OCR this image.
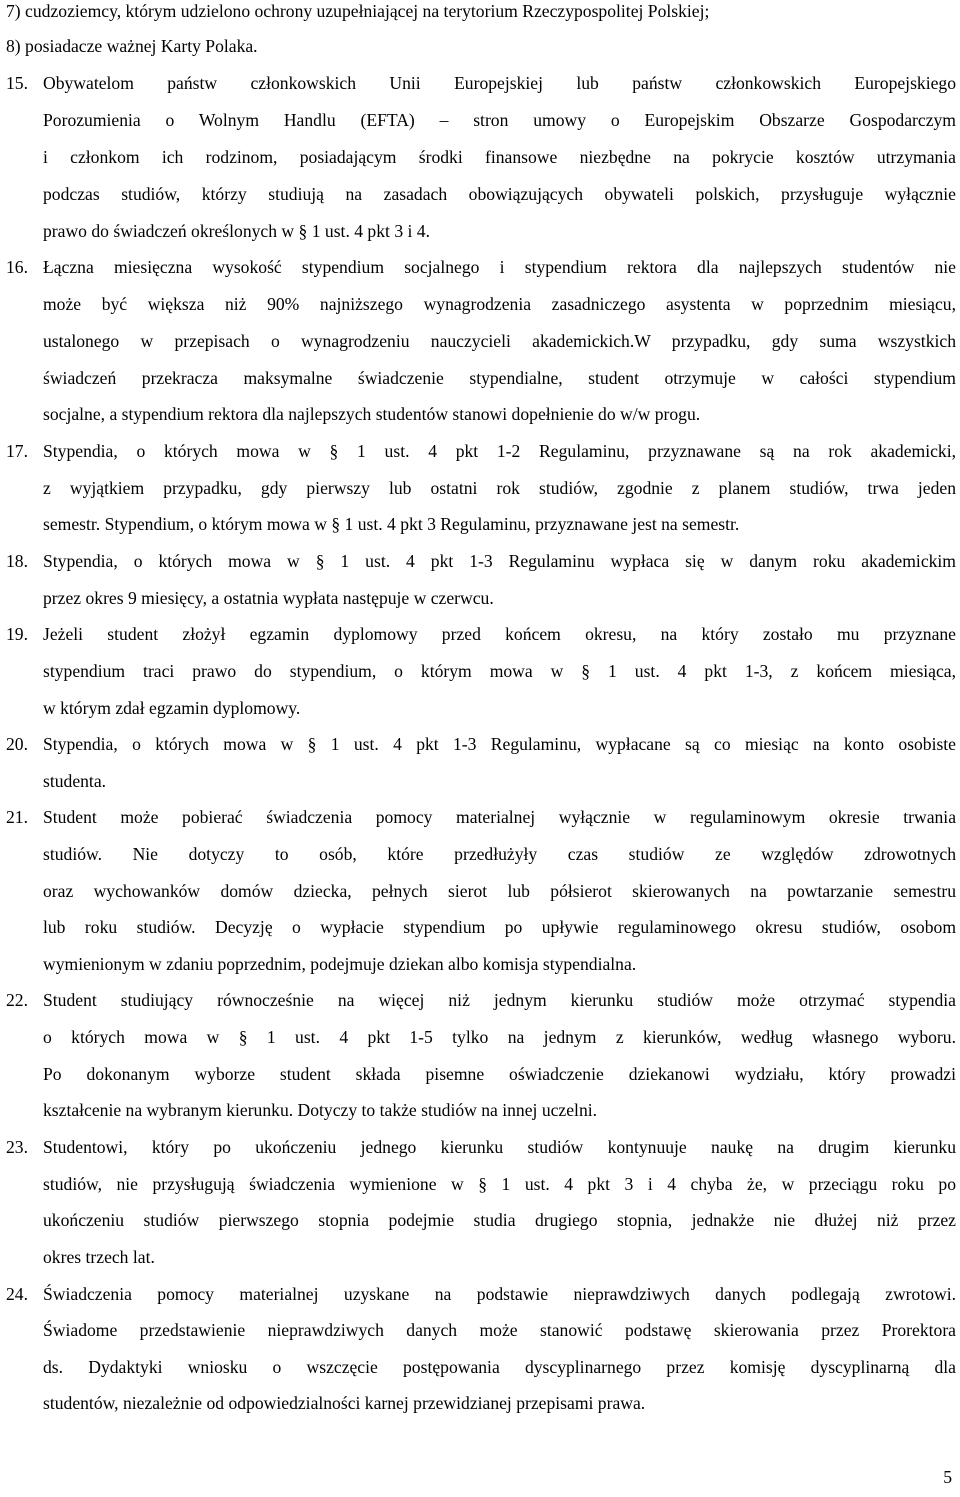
7) cudzoziemcy, którym udzielono ochrony uzupełniającej na terytorium Rzeczypospolitej Polskiej;
8) posiadacze ważnej Karty Polaka.
15. Obywatelom państw członkowskich Unii Europejskiej lub państw członkowskich Europejskiego
Porozumienia o Wolnym Handlu (EFTA) – stron umowy o Europejskim Obszarze Gospodarczym
i członkom ich rodzinom, posiadającym środki finansowe niezbędne na pokrycie kosztów utrzymania
podczas studiów, którzy studiują na zasadach obowiązujących obywateli polskich, przysługuje wyłącznie
prawo do świadczeń określonych w § 1 ust. 4 pkt 3 i 4.
16. Łączna miesięczna wysokość stypendium socjalnego i stypendium rektora dla najlepszych studentów nie
może być większa niż 90% najniższego wynagrodzenia zasadniczego asystenta w poprzednim miesiącu,
ustalonego w przepisach o wynagrodzeniu nauczycieli akademickich.W przypadku, gdy suma wszystkich
świadczeń przekracza maksymalne świadczenie stypendialne, student otrzymuje w całości stypendium
socjalne, a stypendium rektora dla najlepszych studentów stanowi dopełnienie do w/w progu.
17. Stypendia, o których mowa w § 1 ust. 4 pkt 1-2 Regulaminu, przyznawane są na rok akademicki,
z wyjątkiem przypadku, gdy pierwszy lub ostatni rok studiów, zgodnie z planem studiów, trwa jeden
semestr. Stypendium, o którym mowa w § 1 ust. 4 pkt 3 Regulaminu, przyznawane jest na semestr.
18. Stypendia, o których mowa w § 1 ust. 4 pkt 1-3 Regulaminu wypłaca się w danym roku akademickim
przez okres 9 miesięcy, a ostatnia wypłata następuje w czerwcu.
19. Jeżeli student złożył egzamin dyplomowy przed końcem okresu, na który zostało mu przyznane
stypendium traci prawo do stypendium, o którym mowa w § 1 ust. 4 pkt 1-3, z końcem miesiąca,
w którym zdał egzamin dyplomowy.
20. Stypendia, o których mowa w § 1 ust. 4 pkt 1-3 Regulaminu, wypłacane są co miesiąc na konto osobiste
studenta.
21. Student może pobierać świadczenia pomocy materialnej wyłącznie w regulaminowym okresie trwania
studiów. Nie dotyczy to osób, które przedłużyły czas studiów ze względów zdrowotnych
oraz wychowanków domów dziecka, pełnych sierot lub półsierot skierowanych na powtarzanie semestru
lub roku studiów. Decyzję o wypłacie stypendium po upływie regulaminowego okresu studiów, osobom
wymienionym w zdaniu poprzednim, podejmuje dziekan albo komisja stypendialna.
22. Student studiujący równocześnie na więcej niż jednym kierunku studiów może otrzymać stypendia
o których mowa w § 1 ust. 4 pkt 1-5 tylko na jednym z kierunków, według własnego wyboru.
Po dokonanym wyborze student składa pisemne oświadczenie dziekanowi wydziału, który prowadzi
kształcenie na wybranym kierunku. Dotyczy to także studiów na innej uczelni.
23. Studentowi, który po ukończeniu jednego kierunku studiów kontynuuje naukę na drugim kierunku
studiów, nie przysługują świadczenia wymienione w § 1 ust. 4 pkt 3 i 4 chyba że, w przeciągu roku po
ukończeniu studiów pierwszego stopnia podejmie studia drugiego stopnia, jednakże nie dłużej niż przez
okres trzech lat.
24. Świadczenia pomocy materialnej uzyskane na podstawie nieprawdziwych danych podlegają zwrotowi.
Świadome przedstawienie nieprawdziwych danych może stanowić podstawę skierowania przez Prorektora
ds. Dydaktyki wniosku o wszczęcie postępowania dyscyplinarnego przez komisję dyscyplinarną dla
studentów, niezależnie od odpowiedzialności karnej przewidzianej przepisami prawa.
5
